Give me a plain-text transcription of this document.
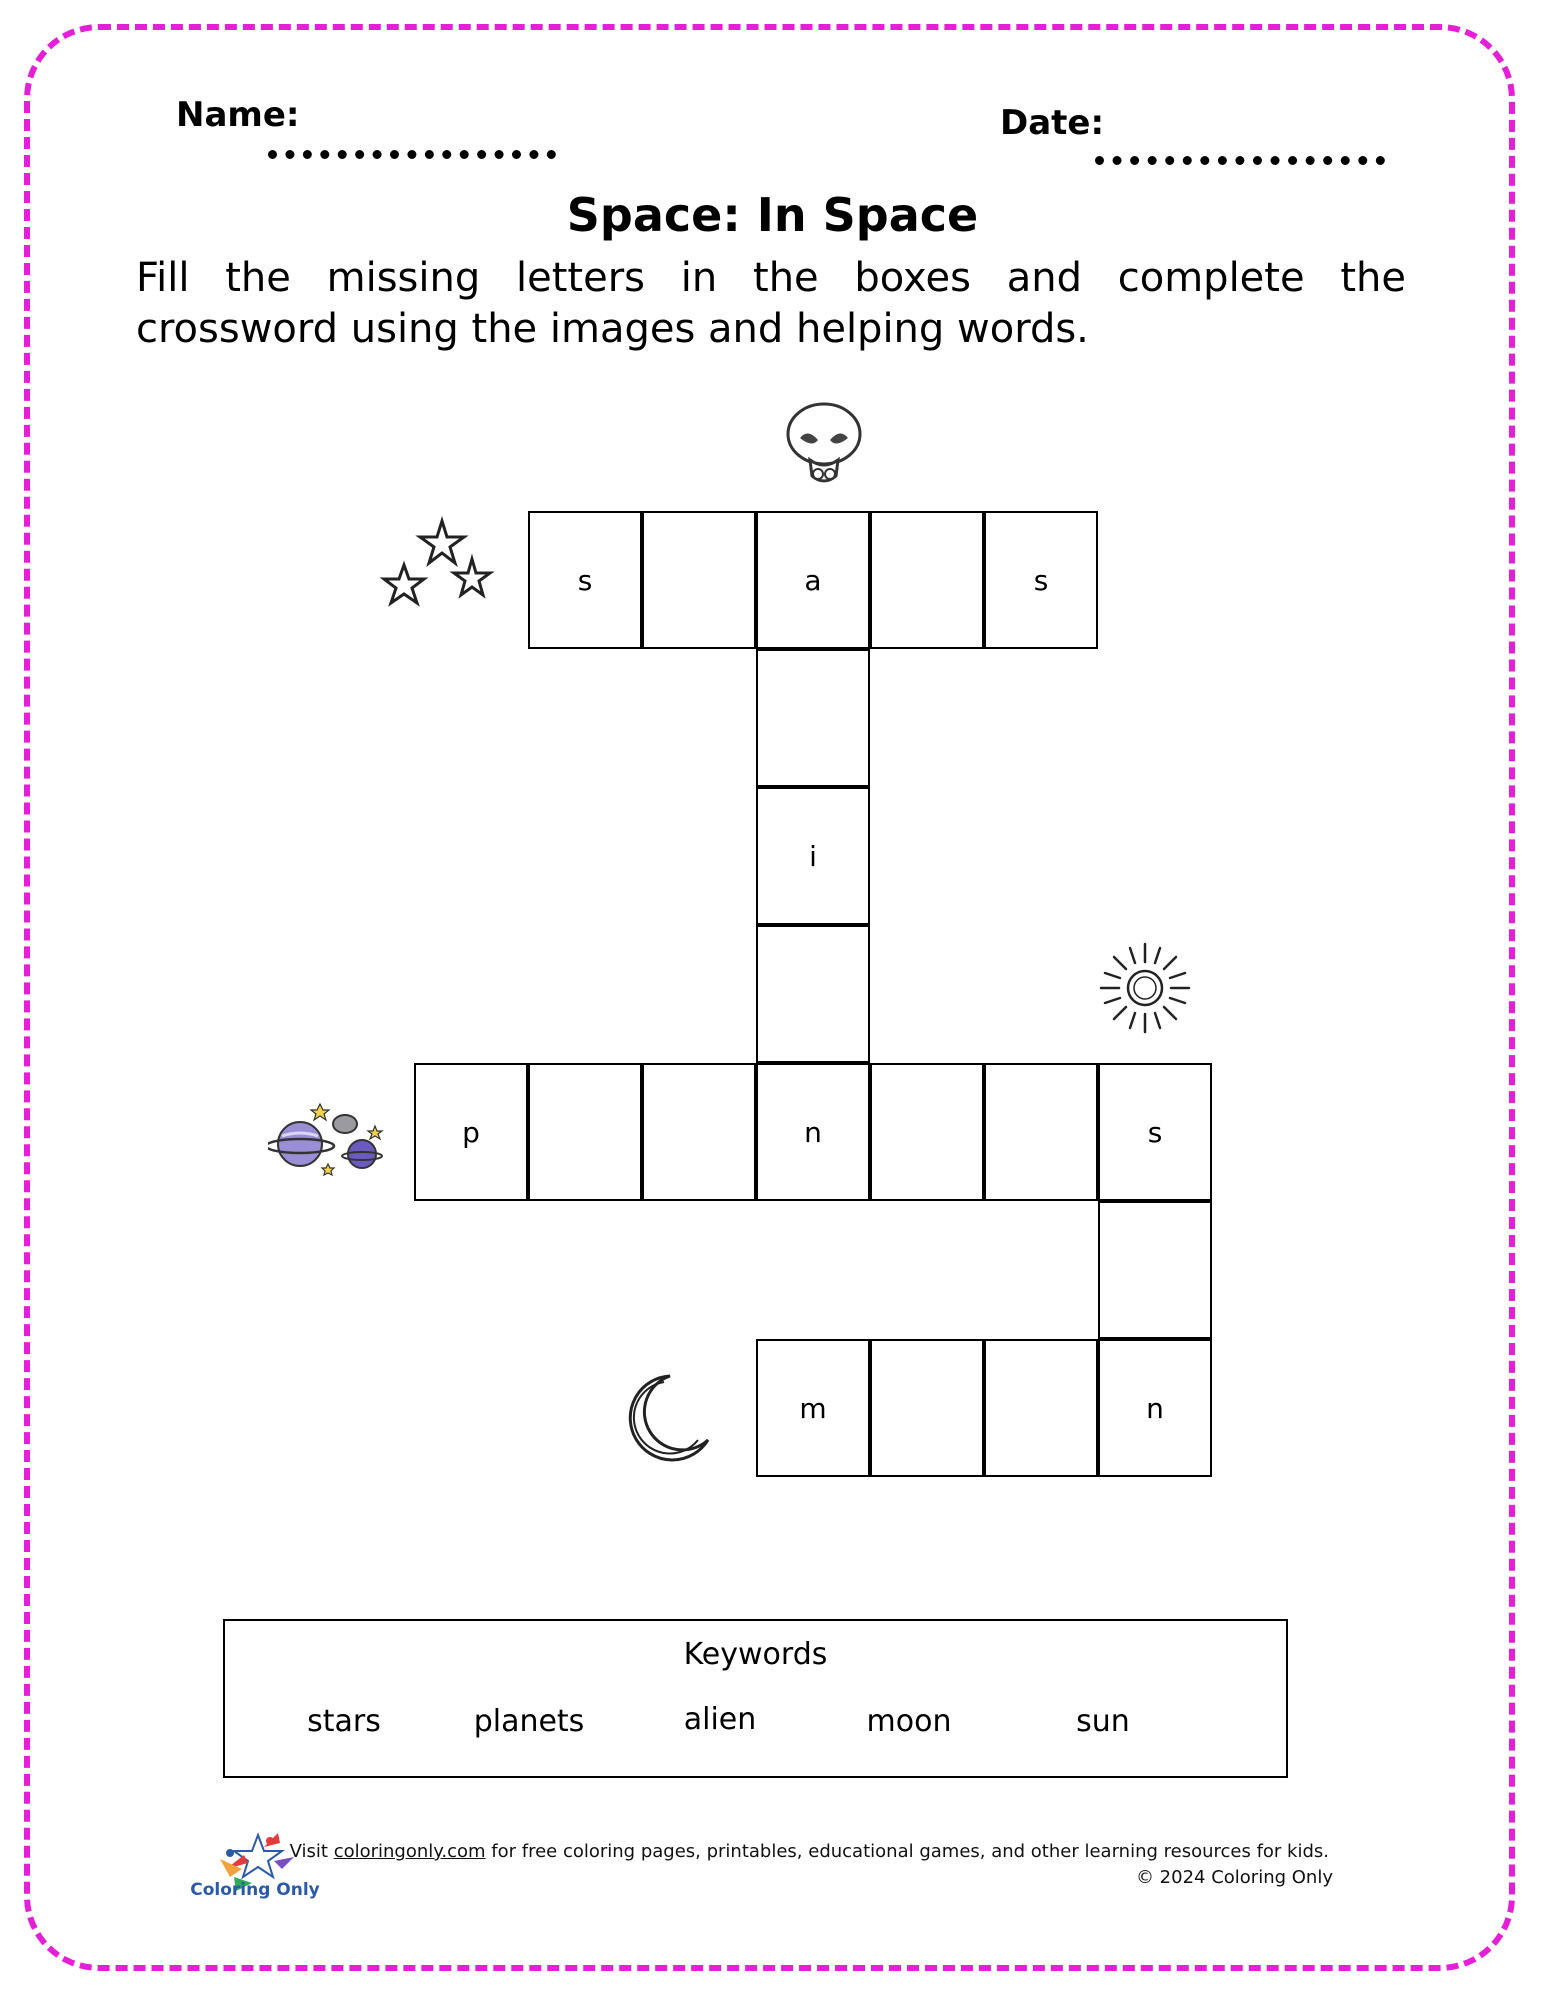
Name:	Date:
Space: In Space
Fill the missing letters in the boxes and complete the crossword using the images and helping words.
s	a	s
i
p	n	s
m	n
Keywords
stars	planets	alien	moon	sun
Coloring Only
Visit coloringonly.com for free coloring pages, printables, educational games, and other learning resources for kids.
© 2024 Coloring Only
